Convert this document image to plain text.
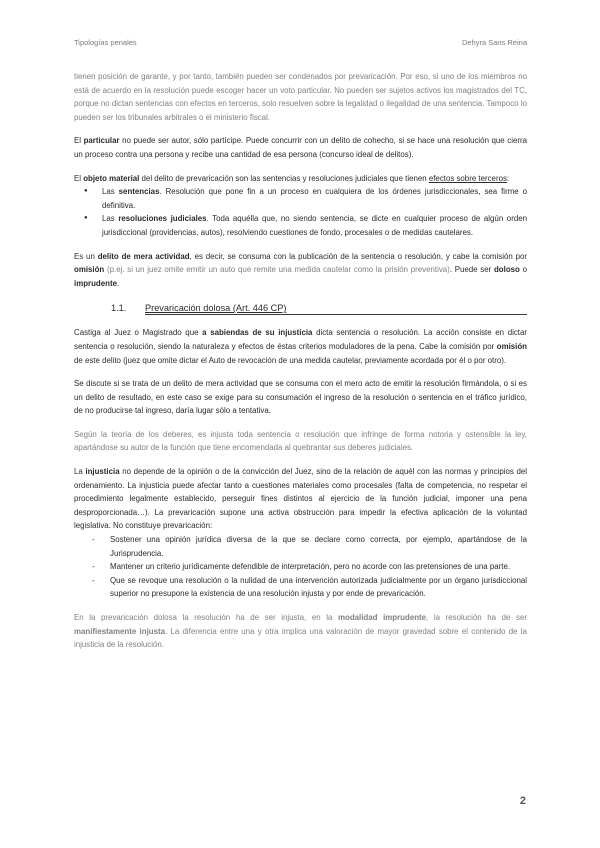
Tipologías penales	Dehyra Sans Reina

tienen posición de garante, y por tanto, también pueden ser condenados por prevaricación. Por eso, si uno de los miembros no está de acuerdo en la resolución puede escoger hacer un voto particular. No pueden ser sujetos activos los magistrados del TC, porque no dictan sentencias con efectos en terceros, solo resuelven sobre la legalidad o ilegalidad de una sentencia. Tampoco lo pueden ser los tribunales arbitrales o el ministerio fiscal.

El particular no puede ser autor, sólo partícipe. Puede concurrir con un delito de cohecho, si se hace una resolución que cierra un proceso contra una persona y recibe una cantidad de esa persona (concurso ideal de delitos).

El objeto material del delito de prevaricación son las sentencias y resoluciones judiciales que tienen efectos sobre terceros:

● Las sentencias. Resolución que pone fin a un proceso en cualquiera de los órdenes jurisdiccionales, sea firme o definitiva.
● Las resoluciones judiciales. Toda aquélla que, no siendo sentencia, se dicte en cualquier proceso de algún orden jurisdiccional (providencias, autos), resolviendo cuestiones de fondo, procesales o de medidas cautelares.

Es un delito de mera actividad, es decir, se consuma con la publicación de la sentencia o resolución, y cabe la comisión por omisión (p.ej. si un juez omite emitir un auto que remite una medida cautelar como la prisión preventiva). Puede ser doloso o imprudente.

1.1. Prevaricación dolosa (Art. 446 CP)

Castiga al Juez o Magistrado que a sabiendas de su injusticia dicta sentencia o resolución. La acción consiste en dictar sentencia o resolución, siendo la naturaleza y efectos de éstas criterios moduladores de la pena. Cabe la comisión por omisión de este delito (juez que omite dictar el Auto de revocación de una medida cautelar, previamente acordada por él o por otro).

Se discute si se trata de un delito de mera actividad que se consuma con el mero acto de emitir la resolución firmándola, o si es un delito de resultado, en este caso se exige para su consumación el ingreso de la resolución o sentencia en el tráfico jurídico, de no producirse tal ingreso, daría lugar sólo a tentativa.

Según la teoría de los deberes, es injusta toda sentencia o resolución que infringe de forma notoria y ostensible la ley, apartándose su autor de la función que tiene encomendada al quebrantar sus deberes judiciales.

La injusticia no depende de la opinión o de la convicción del Juez, sino de la relación de aquél con las normas y principios del ordenamiento. La injusticia puede afectar tanto a cuestiones materiales como procesales (falta de competencia, no respetar el procedimiento legalmente establecido, perseguir fines distintos al ejercicio de la función judicial, imponer una pena desproporcionada…). La prevaricación supone una activa obstrucción para impedir la efectiva aplicación de la voluntad legislativa. No constituye prevaricación:

- Sostener una opinión jurídica diversa de la que se declare como correcta, por ejemplo, apartándose de la Jurisprudencia.
- Mantener un criterio jurídicamente defendible de interpretación, pero no acorde con las pretensiones de una parte.
- Que se revoque una resolución o la nulidad de una intervención autorizada judicialmente por un órgano jurisdiccional superior no presupone la existencia de una resolución injusta y por ende de prevaricación.

En la prevaricación dolosa la resolución ha de ser injusta, en la modalidad imprudente, la resolución ha de ser manifiestamente injusta. La diferencia entre una y otra implica una valoración de mayor gravedad sobre el contenido de la injusticia de la resolución.

2
